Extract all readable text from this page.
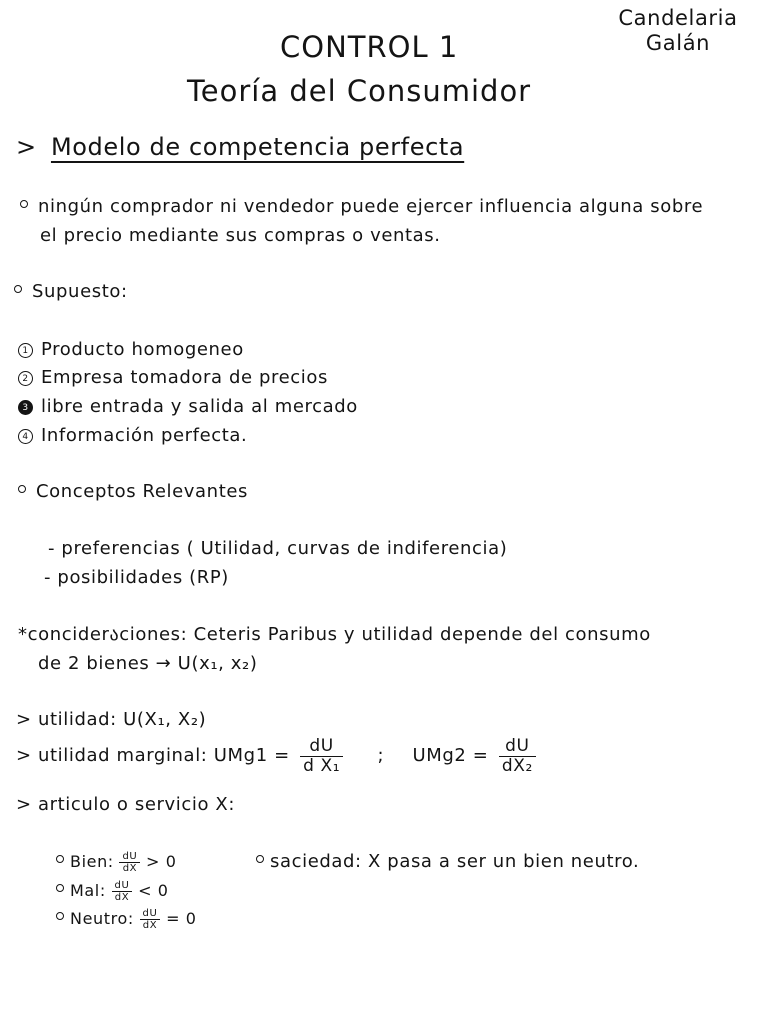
Candelaria
Galán
CONTROL 1
Teoría del Consumidor
> Modelo de competencia perfecta
ningún comprador ni vendedor puede ejercer influencia alguna sobre
el precio mediante sus compras o ventas.
Supuesto:
1 Producto homogeneo
2 Empresa tomadora de precios
3 libre entrada y salida al mercado
4 Información perfecta.
Conceptos Relevantes
- preferencias ( Utilidad, curvas de indiferencia)
- posibilidades (RP)
*conciderაciones: Ceteris Paribus y utilidad depende del consumo
de 2 bienes → U(x₁, x₂)
> utilidad: U(X₁, X₂)
> utilidad marginal: $UMg1 = \frac{dU}{\text{d X₁}}$ ; $UMg2 = \frac{dU}{\text{dX₂}}$
> articulo o servicio X:
Bien: $\frac{dU}{dX} > 0$
Mal: $\frac{dU}{dX} < 0$
Neutro: $\frac{dU}{dX} = 0$
saciedad: X pasa a ser un bien neutro.
